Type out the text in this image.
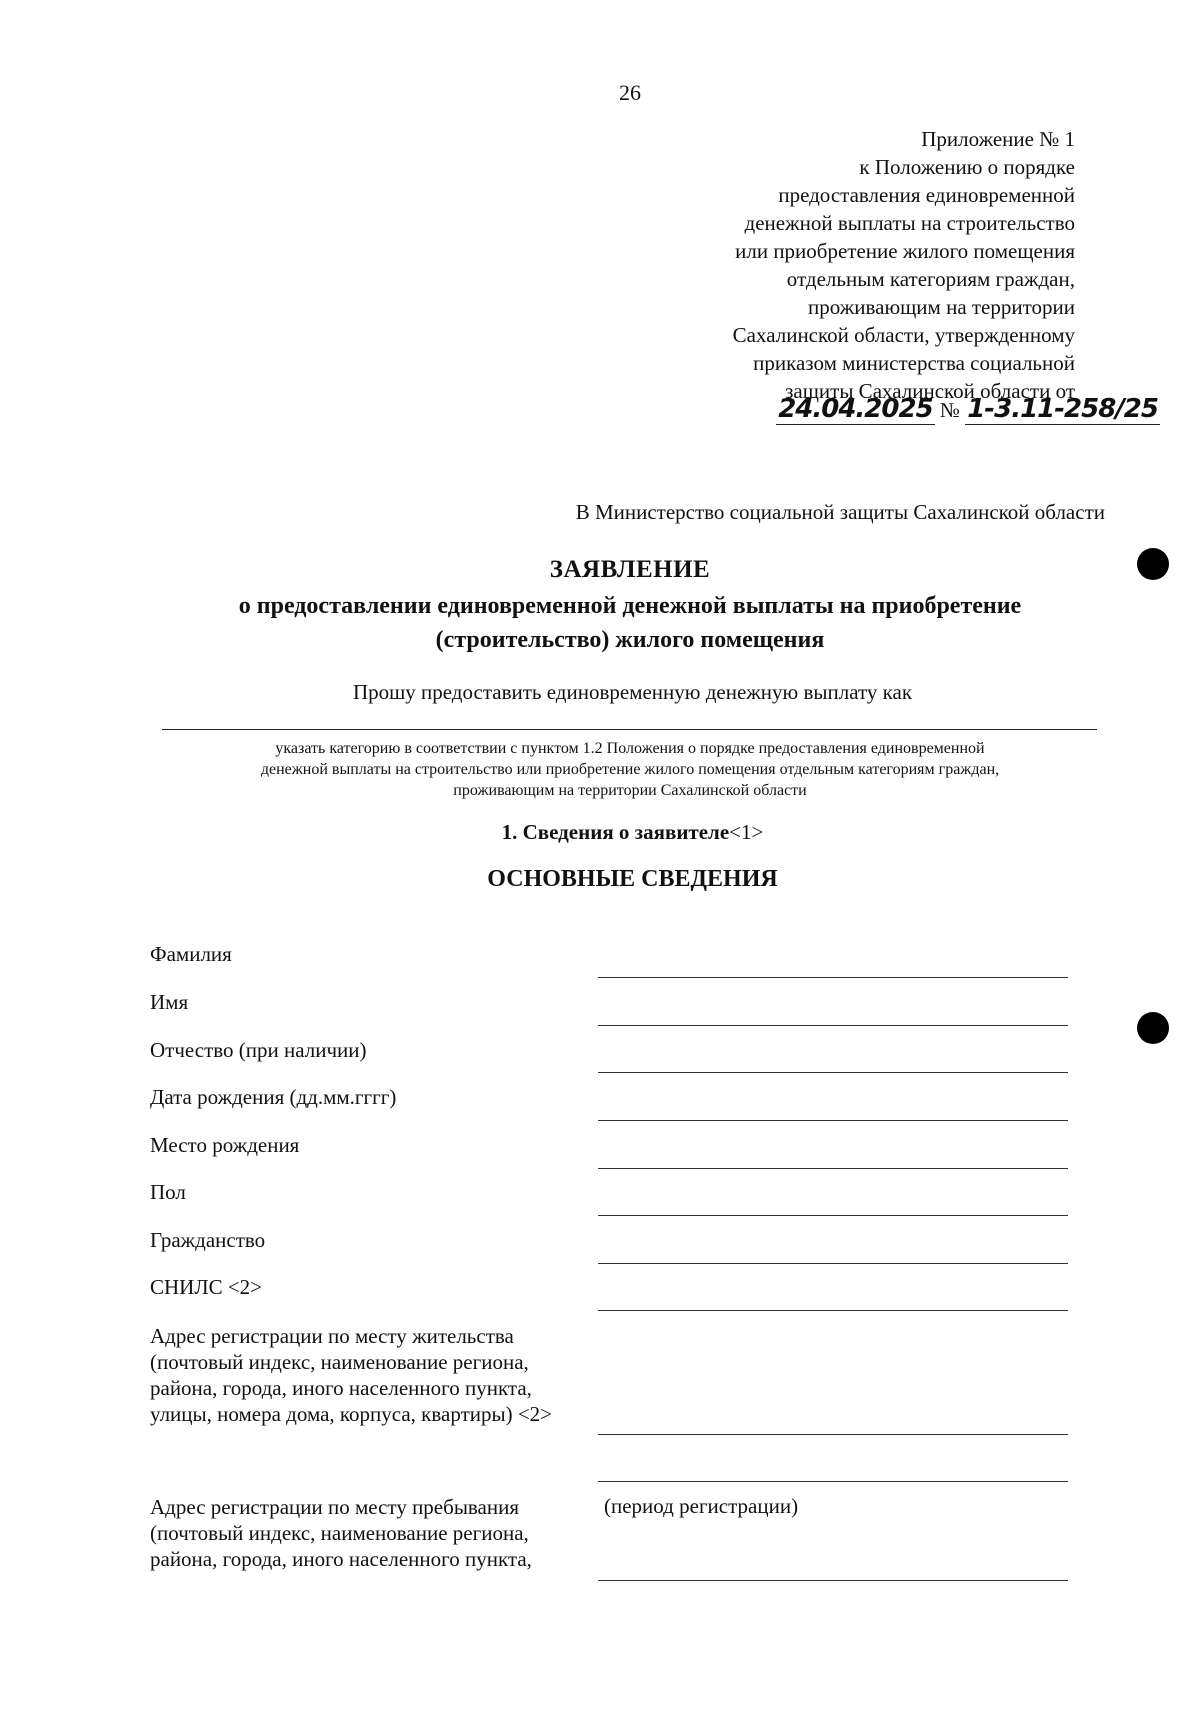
26
Приложение № 1
к Положению о порядке
предоставления единовременной
денежной выплаты на строительство
или приобретение жилого помещения
отдельным категориям граждан,
проживающим на территории
Сахалинской области, утвержденному
приказом министерства социальной
защиты Сахалинской области от
24.04.2025 № 1-3.11-258/25
В Министерство социальной защиты Сахалинской области
ЗАЯВЛЕНИЕ
о предоставлении единовременной денежной выплаты на приобретение
(строительство) жилого помещения
Прошу предоставить единовременную денежную выплату как
указать категорию в соответствии с пунктом 1.2 Положения о порядке предоставления единовременной
денежной выплаты на строительство или приобретение жилого помещения отдельным категориям граждан,
проживающим на территории Сахалинской области
1. Сведения о заявителе<1>
ОСНОВНЫЕ СВЕДЕНИЯ
Фамилия
Имя
Отчество (при наличии)
Дата рождения (дд.мм.гггг)
Место рождения
Пол
Гражданство
СНИЛС <2>
Адрес регистрации по месту жительства
(почтовый индекс, наименование региона,
района, города, иного населенного пункта,
улицы, номера дома, корпуса, квартиры) <2>
Адрес регистрации по месту пребывания
(почтовый индекс, наименование региона,
района, города, иного населенного пункта,
(период регистрации)
